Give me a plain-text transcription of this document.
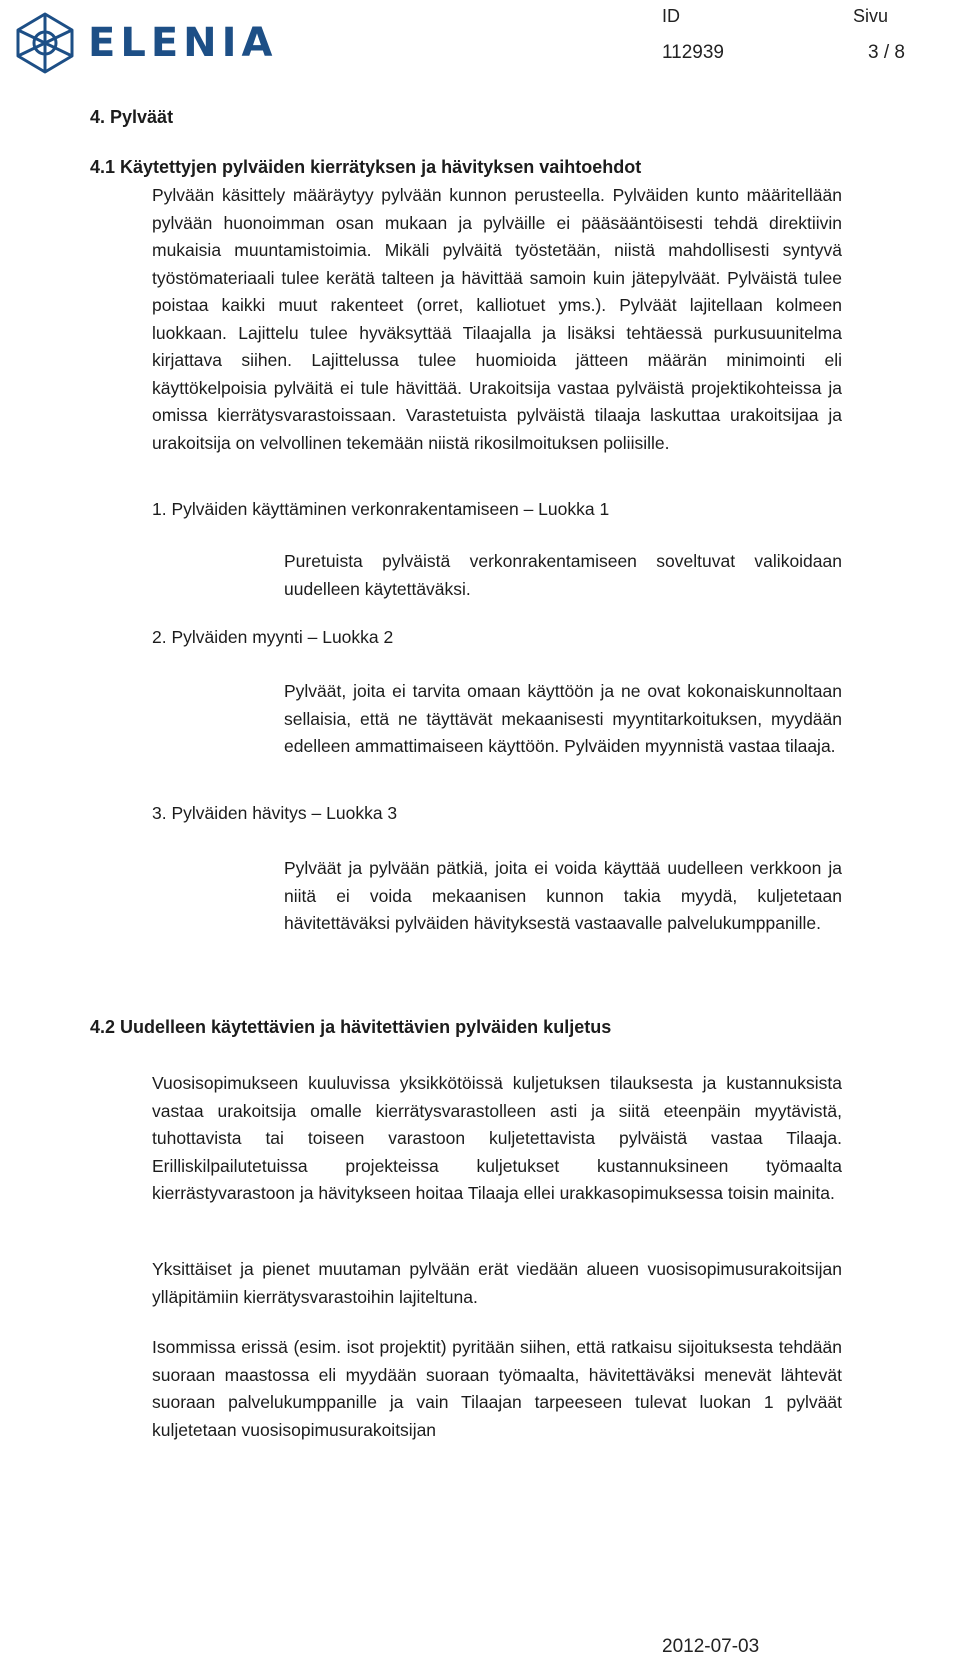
ELENIA
ID	Sivu
112939	3 / 8
4. Pylväät
4.1 Käytettyjen pylväiden kierrätyksen ja hävityksen vaihtoehdot
Pylvään käsittely määräytyy pylvään kunnon perusteella. Pylväiden kunto määritellään pylvään huonoimman osan mukaan ja pylväille ei pääsääntöisesti tehdä direktiivin mukaisia muuntamistoimia. Mikäli pylväitä työstetään, niistä mahdollisesti syntyvä työstömateriaali tulee kerätä talteen ja hävittää samoin kuin jätepylväät. Pylväistä tulee poistaa kaikki muut rakenteet (orret, kalliotuet yms.). Pylväät lajitellaan kolmeen luokkaan. Lajittelu tulee hyväksyttää Tilaajalla ja lisäksi tehtäessä purkusuunitelma kirjattava siihen. Lajittelussa tulee huomioida jätteen määrän minimointi eli käyttökelpoisia pylväitä ei tule hävittää. Urakoitsija vastaa pylväistä projektikohteissa ja omissa kierrätysvarastoissaan. Varastetuista pylväistä tilaaja laskuttaa urakoitsijaa ja urakoitsija on velvollinen tekemään niistä rikosilmoituksen poliisille.
1. Pylväiden käyttäminen verkonrakentamiseen – Luokka 1
Puretuista pylväistä verkonrakentamiseen soveltuvat valikoidaan uudelleen käytettäväksi.
2. Pylväiden myynti – Luokka 2
Pylväät, joita ei tarvita omaan käyttöön ja ne ovat kokonaiskunnoltaan sellaisia, että ne täyttävät mekaanisesti myyntitarkoituksen, myydään edelleen ammattimaiseen käyttöön. Pylväiden myynnistä vastaa tilaaja.
3. Pylväiden hävitys – Luokka 3
Pylväät ja pylvään pätkiä, joita ei voida käyttää uudelleen verkkoon ja niitä ei voida mekaanisen kunnon takia myydä, kuljetetaan hävitettäväksi pylväiden hävityksestä vastaavalle palvelukumppanille.
4.2 Uudelleen käytettävien ja hävitettävien pylväiden kuljetus
Vuosisopimukseen kuuluvissa yksikkötöissä kuljetuksen tilauksesta ja kustannuksista vastaa urakoitsija omalle kierrätysvarastolleen asti ja siitä eteenpäin myytävistä, tuhottavista tai toiseen varastoon kuljetettavista pylväistä vastaa Tilaaja. Erilliskilpailutetuissa projekteissa kuljetukset kustannuksineen työmaalta kierrästyvarastoon ja hävitykseen hoitaa Tilaaja ellei urakkasopimuksessa toisin mainita.
Yksittäiset ja pienet muutaman pylvään erät viedään alueen vuosisopimusurakoitsijan ylläpitämiin kierrätysvarastoihin lajiteltuna.
Isommissa erissä (esim. isot projektit) pyritään siihen, että ratkaisu sijoituksesta tehdään suoraan maastossa eli myydään suoraan työmaalta, hävitettäväksi menevät lähtevät suoraan palvelukumppanille ja vain Tilaajan tarpeeseen tulevat luokan 1 pylväät kuljetetaan vuosisopimusurakoitsijan
2012-07-03
